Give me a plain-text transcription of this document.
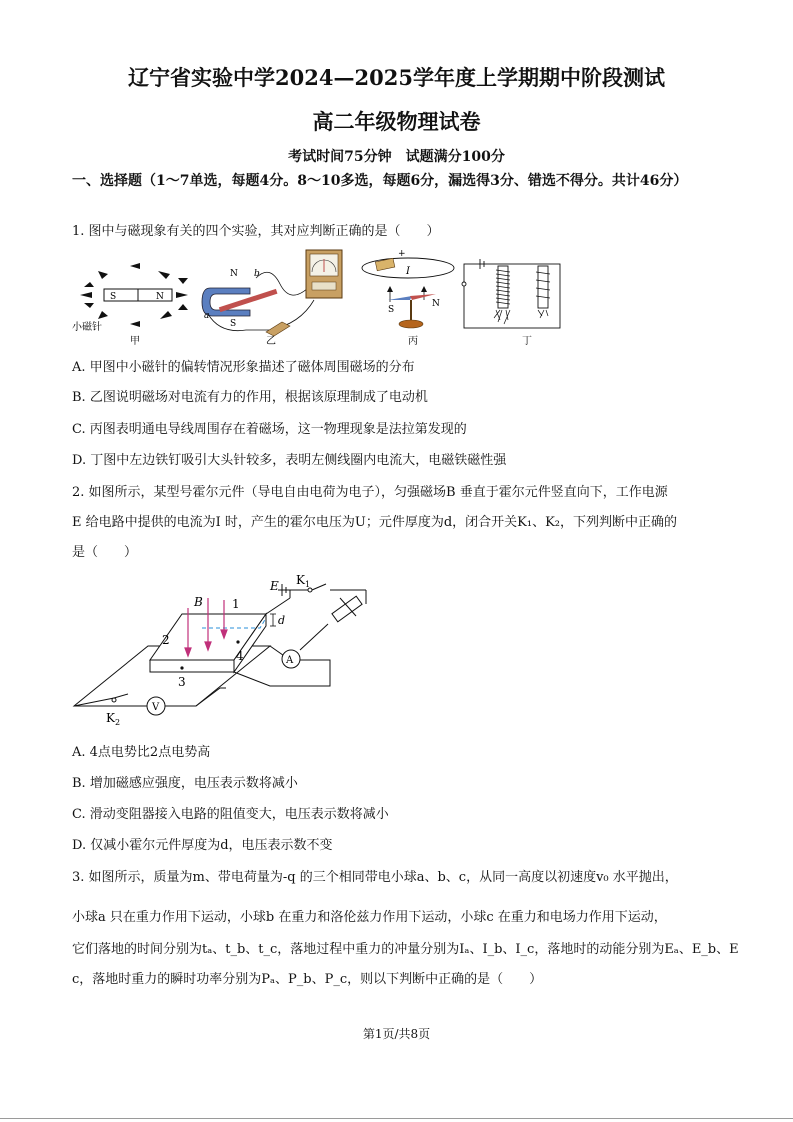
辽宁省实验中学2024—2025学年度上学期期中阶段测试
高二年级物理试卷
考试时间75分钟　试题满分100分
一、选择题（1～7单选，每题4分。8～10多选，每题6分，漏选得3分、错选不得分。共计46分）
1. 图中与磁现象有关的四个实验，其对应判断正确的是（　　）
S	N
小磁针
甲
N
S
a
b
乙
+
I
S
N
丙	丁
A. 甲图中小磁针的偏转情况形象描述了磁体周围磁场的分布
B. 乙图说明磁场对电流有力的作用，根据该原理制成了电动机
C. 丙图表明通电导线周围存在着磁场，这一物理现象是法拉第发现的
D. 丁图中左边铁钉吸引大头针较多，表明左侧线圈内电流大，电磁铁磁性强
2. 如图所示，某型号霍尔元件（导电自由电荷为电子），匀强磁场B 垂直于霍尔元件竖直向下，工作电源
E 给电路中提供的电流为I 时，产生的霍尔电压为U；元件厚度为d，闭合开关K₁、K₂，下列判断中正确的
是（　　）
B
E K 1
K 2
d
1
2
3
4	A
V
A. 4点电势比2点电势高
B. 增加磁感应强度，电压表示数将减小
C. 滑动变阻器接入电路的阻值变大，电压表示数将减小
D. 仅减小霍尔元件厚度为d，电压表示数不变
3. 如图所示，质量为m、带电荷量为-q 的三个相同带电小球a、b、c，从同一高度以初速度v₀ 水平抛出，
小球a 只在重力作用下运动，小球b 在重力和洛伦兹力作用下运动，小球c 在重力和电场力作用下运动，
它们落地的时间分别为tₐ、t_b、t_c，落地过程中重力的冲量分别为Iₐ、I_b、I_c，落地时的动能分别为Eₐ、E_b、E
c，落地时重力的瞬时功率分别为Pₐ、P_b、P_c，则以下判断中正确的是（　　）
第1页/共8页
